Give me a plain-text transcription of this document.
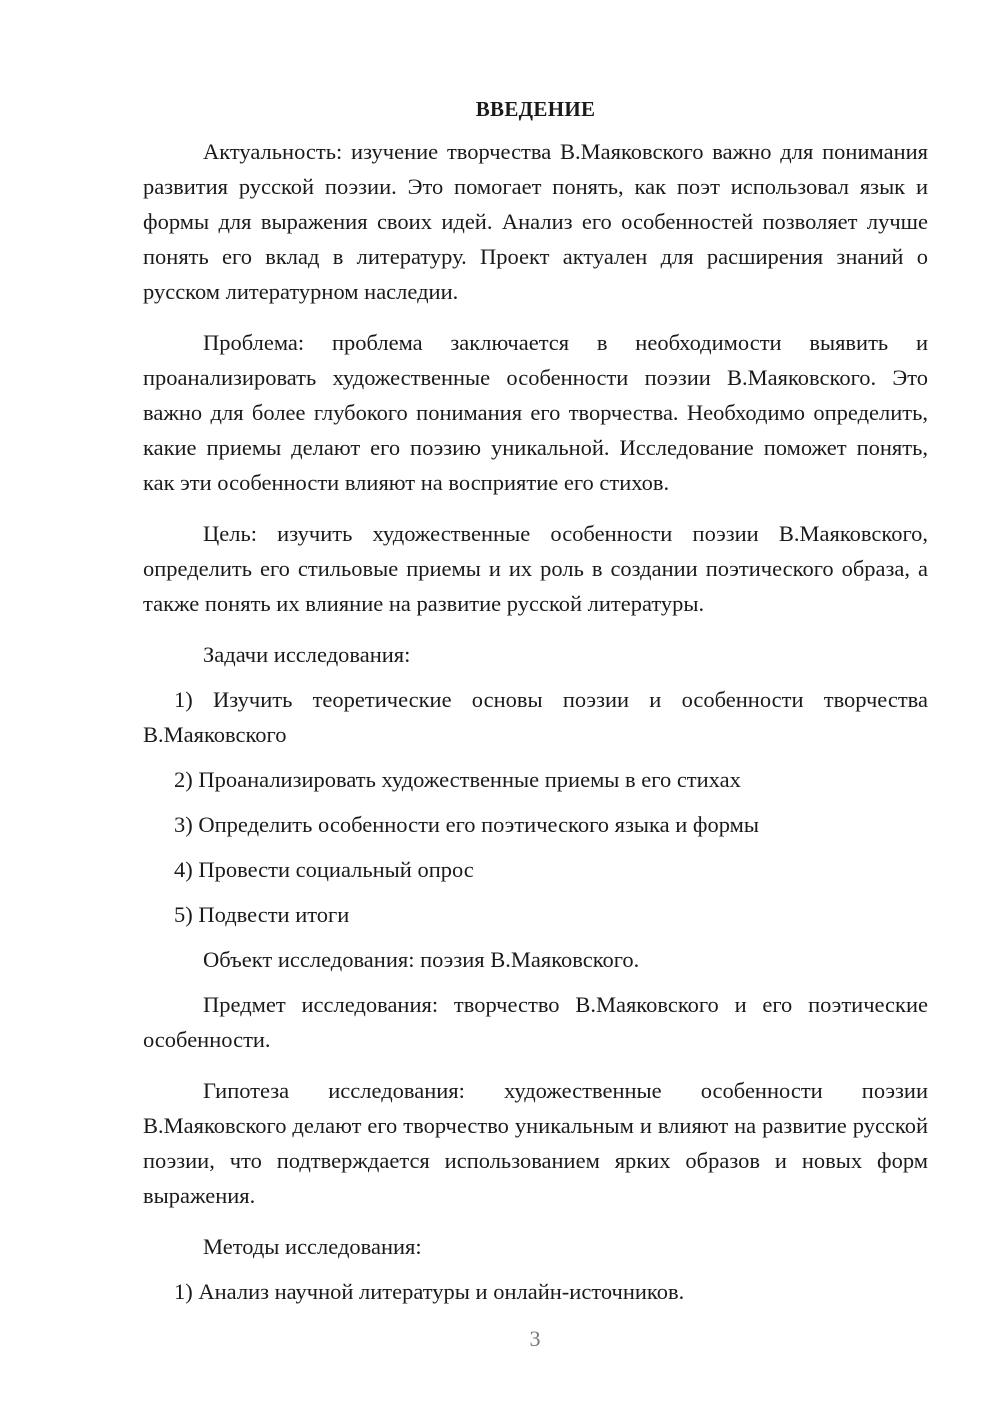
ВВЕДЕНИЕ

Актуальность: изучение творчества В.Маяковского важно для понимания развития русской поэзии. Это помогает понять, как поэт использовал язык и формы для выражения своих идей. Анализ его особенностей позволяет лучше понять его вклад в литературу. Проект актуален для расширения знаний о русском литературном наследии.

Проблема: проблема заключается в необходимости выявить и проанализировать художественные особенности поэзии В.Маяковского. Это важно для более глубокого понимания его творчества. Необходимо определить, какие приемы делают его поэзию уникальной. Исследование поможет понять, как эти особенности влияют на восприятие его стихов.

Цель: изучить художественные особенности поэзии В.Маяковского, определить его стильовые приемы и их роль в создании поэтического образа, а также понять их влияние на развитие русской литературы.

Задачи исследования:

1) Изучить теоретические основы поэзии и особенности творчества В.Маяковского

2) Проанализировать художественные приемы в его стихах

3) Определить особенности его поэтического языка и формы

4) Провести социальный опрос

5) Подвести итоги

Объект исследования: поэзия В.Маяковского.

Предмет исследования: творчество В.Маяковского и его поэтические особенности.

Гипотеза исследования: художественные особенности поэзии В.Маяковского делают его творчество уникальным и влияют на развитие русской поэзии, что подтверждается использованием ярких образов и новых форм выражения.

Методы исследования:

1) Анализ научной литературы и онлайн-источников.

3
